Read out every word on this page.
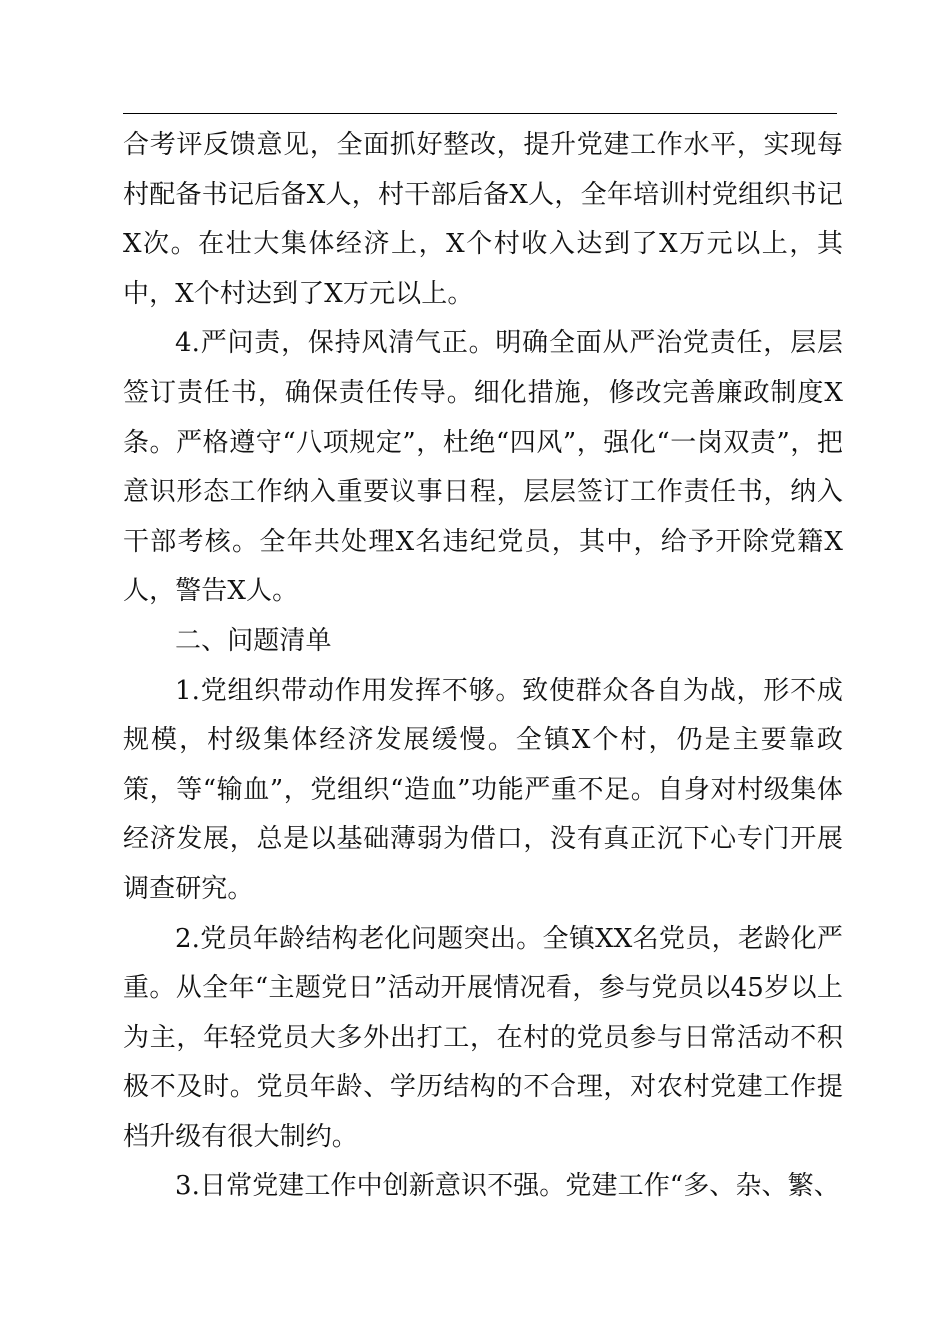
合考评反馈意见，全面抓好整改，提升党建工作水平，实现每村配备书记后备X人，村干部后备X人，全年培训村党组织书记X次。在壮大集体经济上，X个村收入达到了X万元以上，其中，X个村达到了X万元以上。

4.严问责，保持风清气正。明确全面从严治党责任，层层签订责任书，确保责任传导。细化措施，修改完善廉政制度X条。严格遵守“八项规定”，杜绝“四风”，强化“一岗双责”，把意识形态工作纳入重要议事日程，层层签订工作责任书，纳入干部考核。全年共处理X名违纪党员，其中，给予开除党籍X人，警告X人。

二、问题清单

1.党组织带动作用发挥不够。致使群众各自为战，形不成规模，村级集体经济发展缓慢。全镇X个村，仍是主要靠政策，等“输血”，党组织“造血”功能严重不足。自身对村级集体经济发展，总是以基础薄弱为借口，没有真正沉下心专门开展调查研究。

2.党员年龄结构老化问题突出。全镇XX名党员，老龄化严重。从全年“主题党日”活动开展情况看，参与党员以45岁以上为主，年轻党员大多外出打工，在村的党员参与日常活动不积极不及时。党员年龄、学历结构的不合理，对农村党建工作提档升级有很大制约。

3.日常党建工作中创新意识不强。党建工作“多、杂、繁、
